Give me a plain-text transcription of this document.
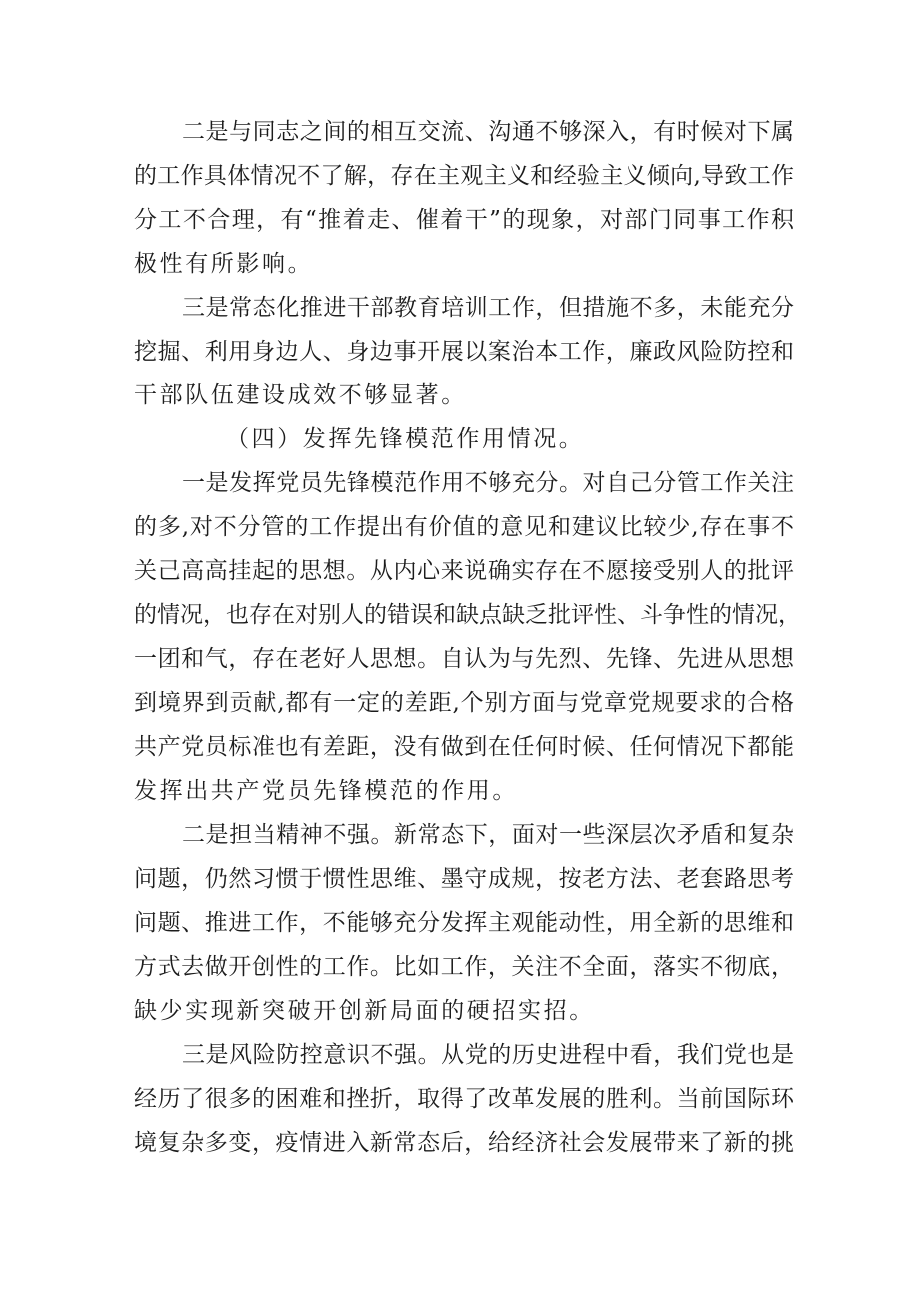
二是与同志之间的相互交流、沟通不够深入，有时候对下属
的工作具体情况不了解，存在主观主义和经验主义倾向,导致工作
分工不合理，有“推着走、催着干”的现象，对部门同事工作积
极性有所影响。
三是常态化推进干部教育培训工作，但措施不多，未能充分
挖掘、利用身边人、身边事开展以案治本工作，廉政风险防控和
干部队伍建设成效不够显著。
（四）发挥先锋模范作用情况。
一是发挥党员先锋模范作用不够充分。对自己分管工作关注
的多,对不分管的工作提出有价值的意见和建议比较少,存在事不
关己高高挂起的思想。从内心来说确实存在不愿接受别人的批评
的情况，也存在对别人的错误和缺点缺乏批评性、斗争性的情况，
一团和气，存在老好人思想。自认为与先烈、先锋、先进从思想
到境界到贡献,都有一定的差距,个别方面与党章党规要求的合格
共产党员标准也有差距，没有做到在任何时候、任何情况下都能
发挥出共产党员先锋模范的作用。
二是担当精神不强。新常态下，面对一些深层次矛盾和复杂
问题，仍然习惯于惯性思维、墨守成规，按老方法、老套路思考
问题、推进工作，不能够充分发挥主观能动性，用全新的思维和
方式去做开创性的工作。比如工作，关注不全面，落实不彻底，
缺少实现新突破开创新局面的硬招实招。
三是风险防控意识不强。从党的历史进程中看，我们党也是
经历了很多的困难和挫折，取得了改革发展的胜利。当前国际环
境复杂多变，疫情进入新常态后，给经济社会发展带来了新的挑
